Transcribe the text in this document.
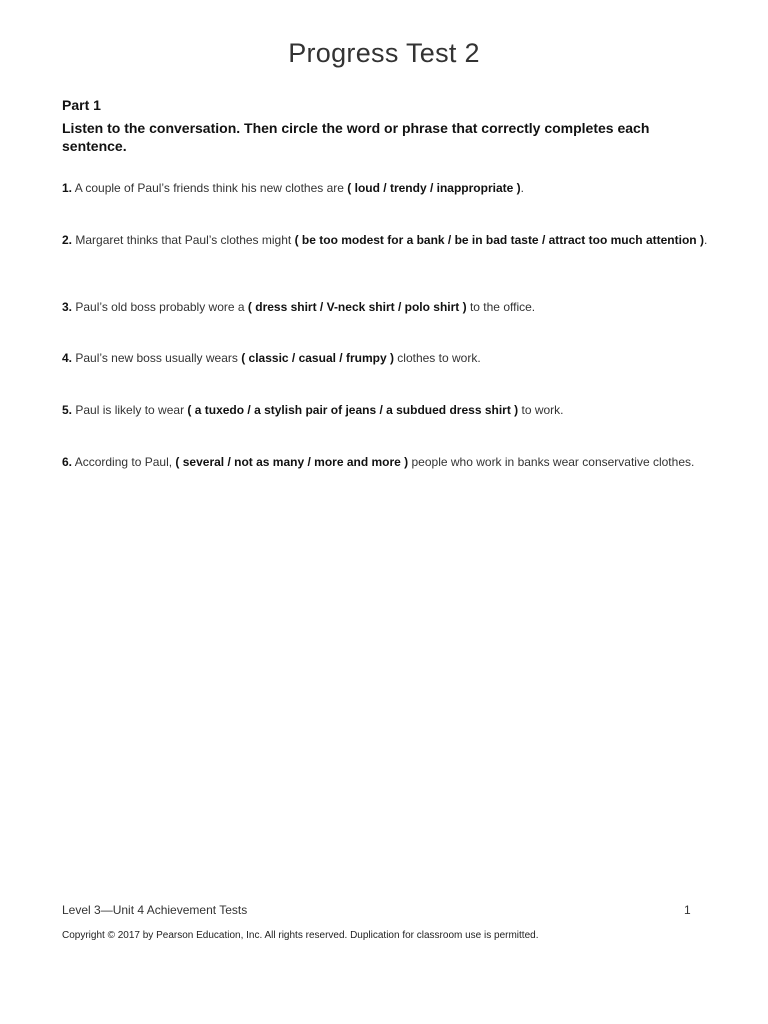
Progress Test 2
Part 1
Listen to the conversation. Then circle the word or phrase that correctly completes each sentence.
1. A couple of Paul’s friends think his new clothes are ( loud / trendy / inappropriate ).
2. Margaret thinks that Paul’s clothes might ( be too modest for a bank / be in bad taste / attract too much attention ).
3. Paul’s old boss probably wore a ( dress shirt / V-neck shirt / polo shirt ) to the office.
4. Paul’s new boss usually wears ( classic / casual / frumpy ) clothes to work.
5. Paul is likely to wear ( a tuxedo / a stylish pair of jeans / a subdued dress shirt ) to work.
6. According to Paul, ( several / not as many / more and more ) people who work in banks wear conservative clothes.
Level 3—Unit 4 Achievement Tests	1
Copyright © 2017 by Pearson Education, Inc. All rights reserved. Duplication for classroom use is permitted.
